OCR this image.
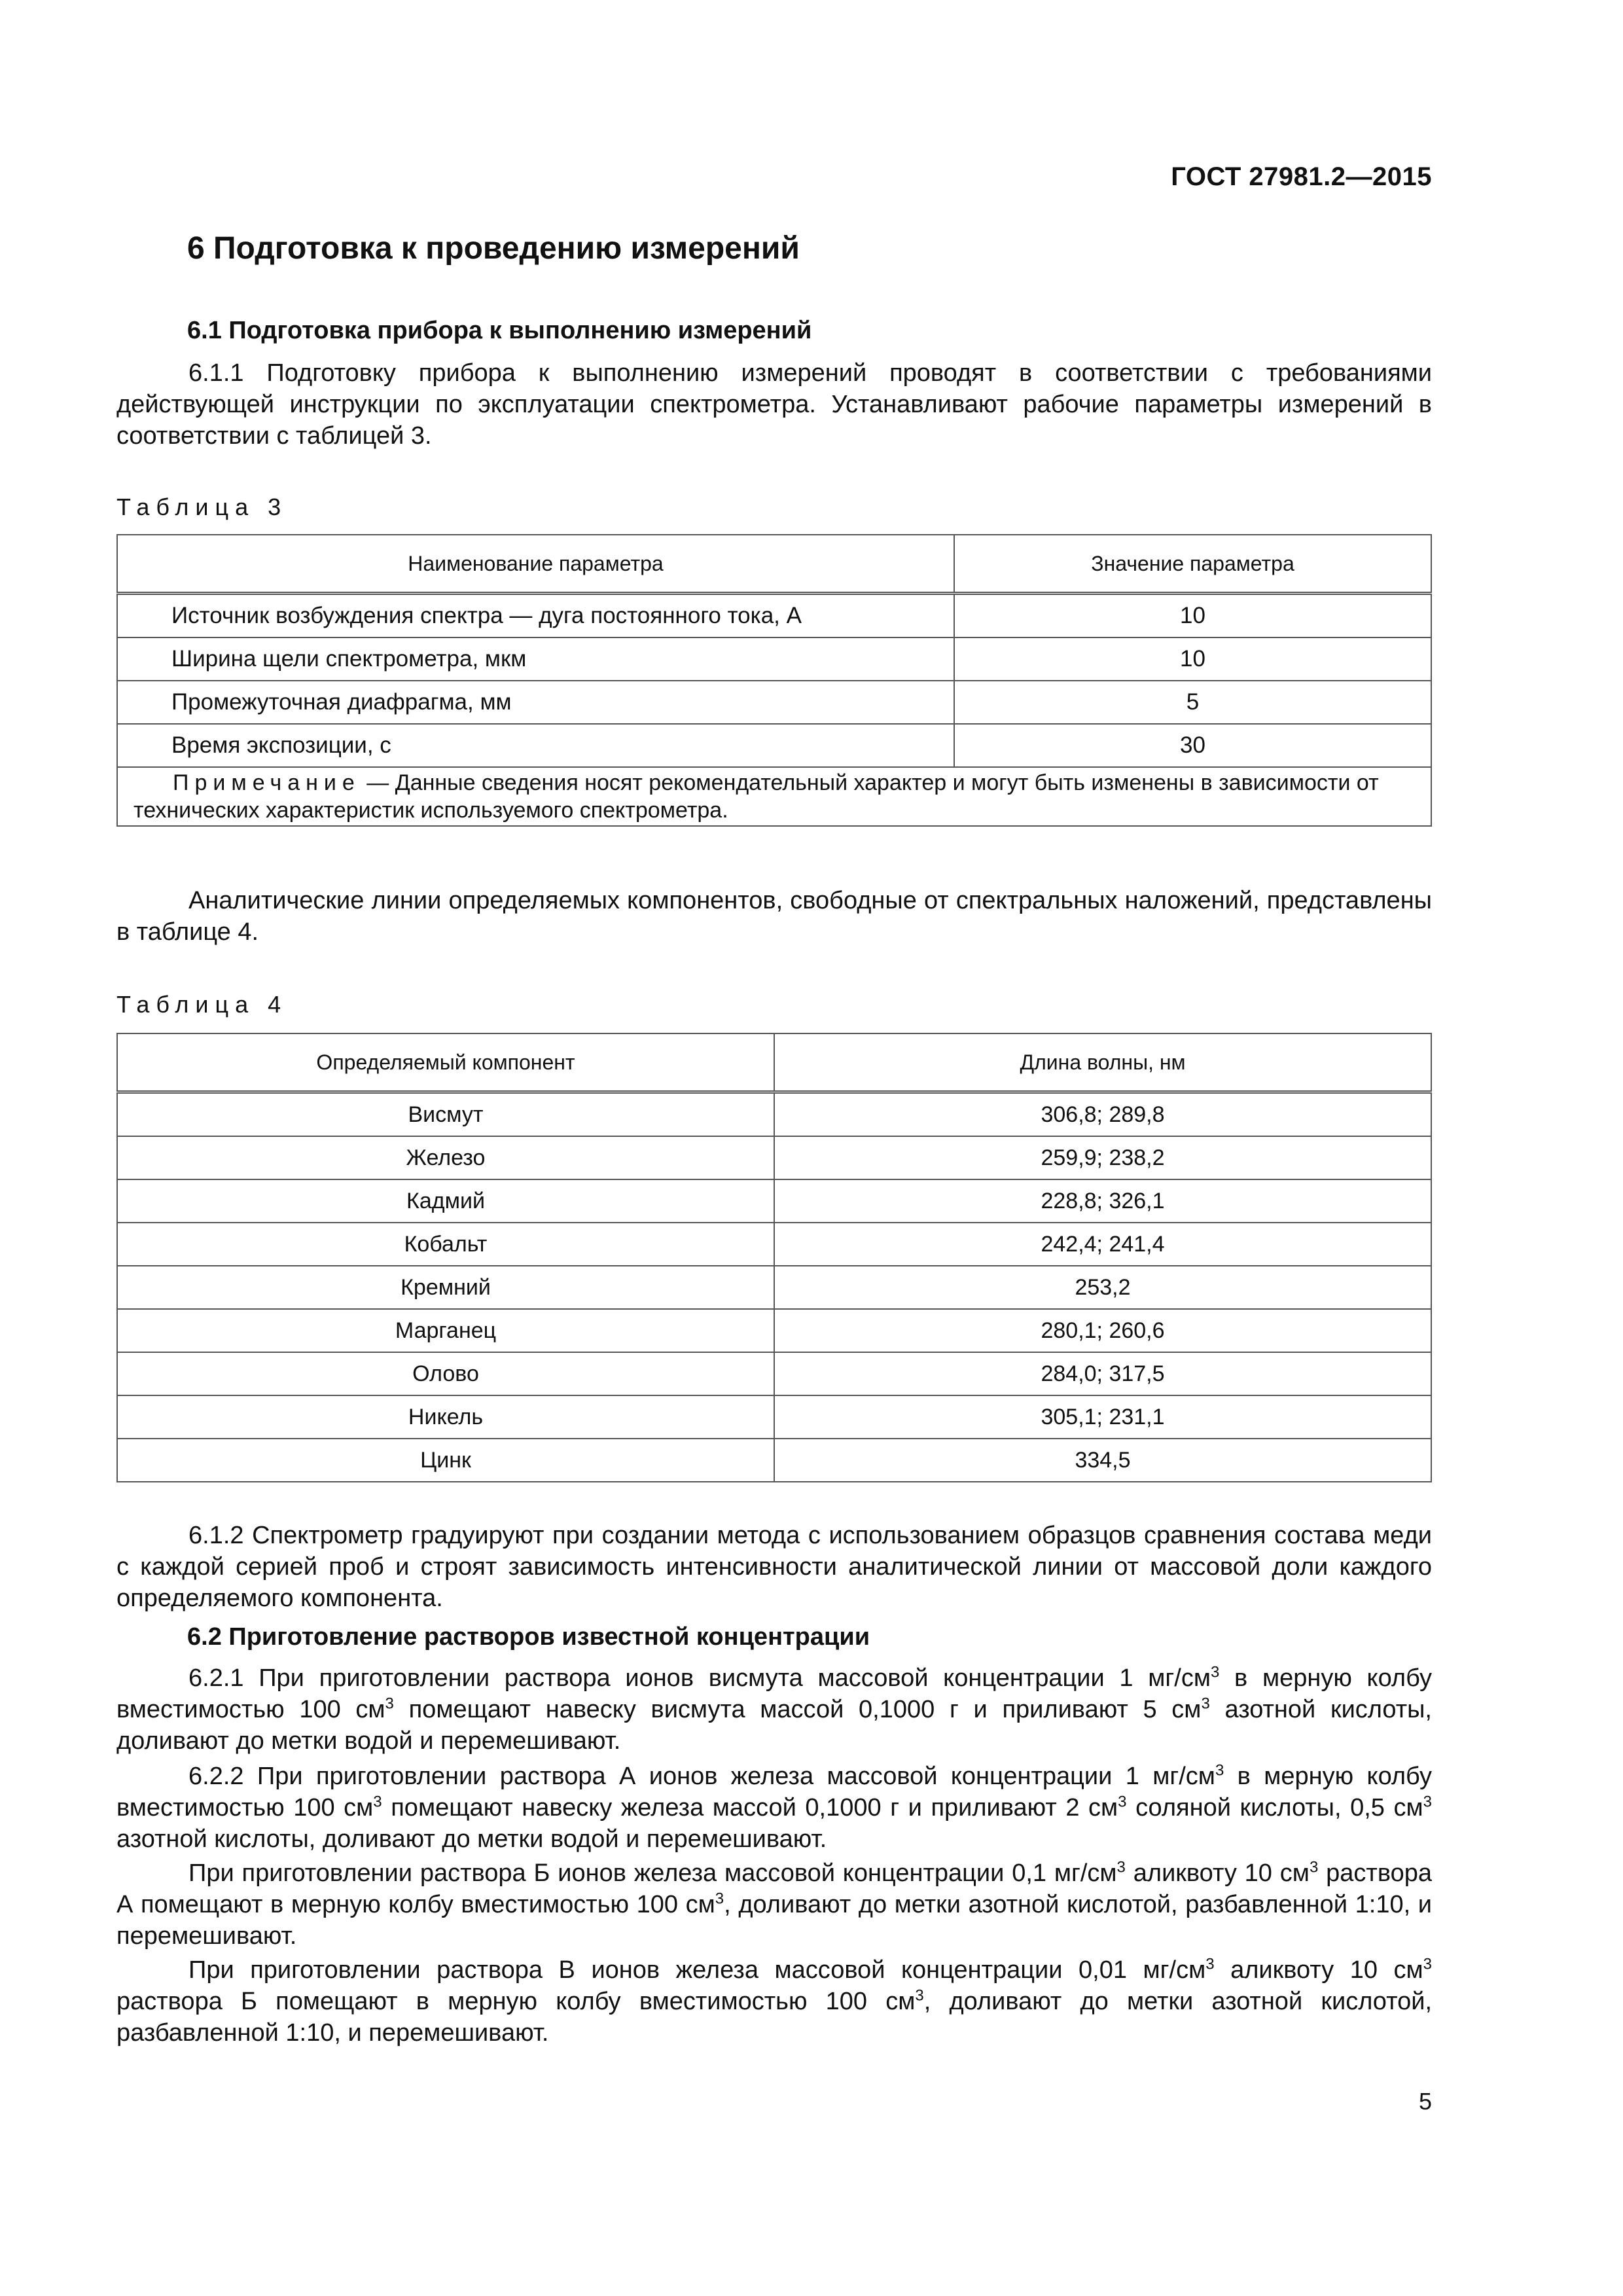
ГОСТ 27981.2—2015
6 Подготовка к проведению измерений
6.1 Подготовка прибора к выполнению измерений

6.1.1 Подготовку прибора к выполнению измерений проводят в соответствии с требованиями действующей инструкции по эксплуатации спектрометра. Устанавливают рабочие параметры измерений в соответствии с таблицей 3.

Таблица 3
Наименование параметра	Значение параметра
Источник возбуждения спектра — дуга постоянного тока, А	10
Ширина щели спектрометра, мкм	10
Промежуточная диафрагма, мм	5
Время экспозиции, с	30
Примечание — Данные сведения носят рекомендательный характер и могут быть изменены в зависимости от технических характеристик используемого спектрометра.	

Аналитические линии определяемых компонентов, свободные от спектральных наложений, представлены в таблице 4.

Таблица 4
Определяемый компонент	Длина волны, нм
Висмут	306,8; 289,8
Железо	259,9; 238,2
Кадмий	228,8; 326,1
Кобальт	242,4; 241,4
Кремний	253,2
Марганец	280,1; 260,6
Олово	284,0; 317,5
Никель	305,1; 231,1
Цинк	334,5

6.1.2 Спектрометр градуируют при создании метода с использованием образцов сравнения состава меди с каждой серией проб и строят зависимость интенсивности аналитической линии от массовой доли каждого определяемого компонента.

6.2 Приготовление растворов известной концентрации

6.2.1 При приготовлении раствора ионов висмута массовой концентрации 1 $мг/см^3$ в мерную колбу вместимостью 100 $см^3$ помещают навеску висмута массой 0,1000 г и приливают 5 $см^3$ азотной кислоты, доливают до метки водой и перемешивают.

6.2.2 При приготовлении раствора А ионов железа массовой концентрации 1 $мг/см^3$ в мерную колбу вместимостью 100 $см^3$ помещают навеску железа массой 0,1000 г и приливают 2 $см^3$ соляной кислоты, 0,5 $см^3$ азотной кислоты, доливают до метки водой и перемешивают.

При приготовлении раствора Б ионов железа массовой концентрации 0,1 $мг/см^3$ аликвоту 10 $см^3$ раствора А помещают в мерную колбу вместимостью 100 $см^3$, доливают до метки азотной кислотой, разбавленной 1:10, и перемешивают.

При приготовлении раствора В ионов железа массовой концентрации 0,01 $мг/см^3$ аликвоту 10 $см^3$ раствора Б помещают в мерную колбу вместимостью 100 $см^3$, доливают до метки азотной кислотой, разбавленной 1:10, и перемешивают.

5
